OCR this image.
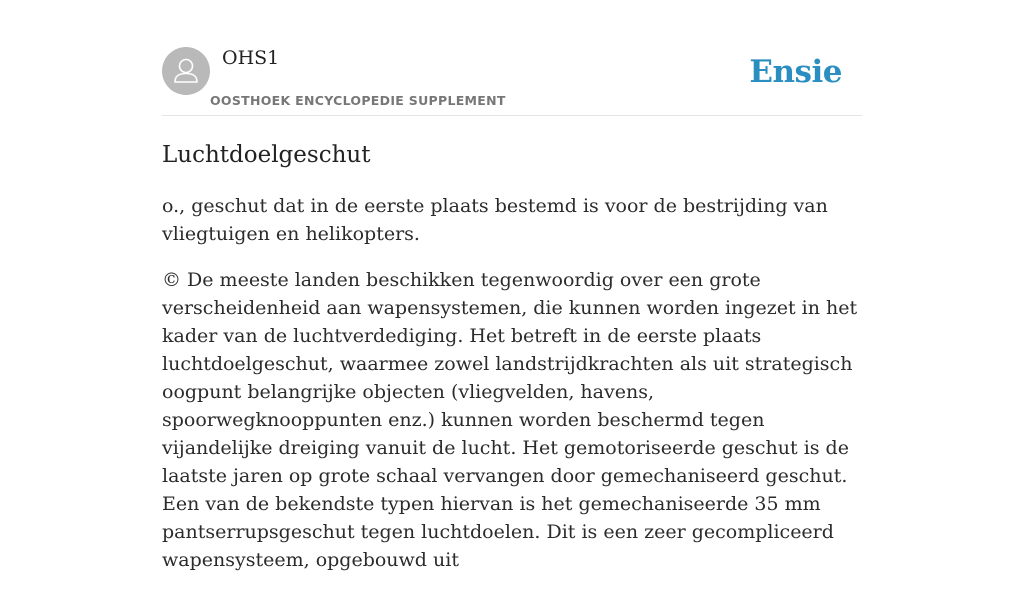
OHS1
OOSTHOEK ENCYCLOPEDIE SUPPLEMENT
Ensie
Luchtdoelgeschut

o., geschut dat in de eerste plaats bestemd is voor de bestrijding van vliegtuigen en helikopters.

© De meeste landen beschikken tegenwoordig over een grote verscheidenheid aan wapensystemen, die kunnen worden ingezet in het kader van de luchtverdediging. Het betreft in de eerste plaats luchtdoelgeschut, waarmee zowel landstrijdkrachten als uit strategisch oogpunt belangrijke objecten (vliegvelden, havens, spoorwegknooppunten enz.) kunnen worden beschermd tegen vijandelijke dreiging vanuit de lucht. Het gemotoriseerde geschut is de laatste jaren op grote schaal vervangen door gemechaniseerd geschut. Een van de bekendste typen hiervan is het gemechaniseerde 35 mm pantserrupsgeschut tegen luchtdoelen. Dit is een zeer gecompliceerd wapensysteem, opgebouwd uit
